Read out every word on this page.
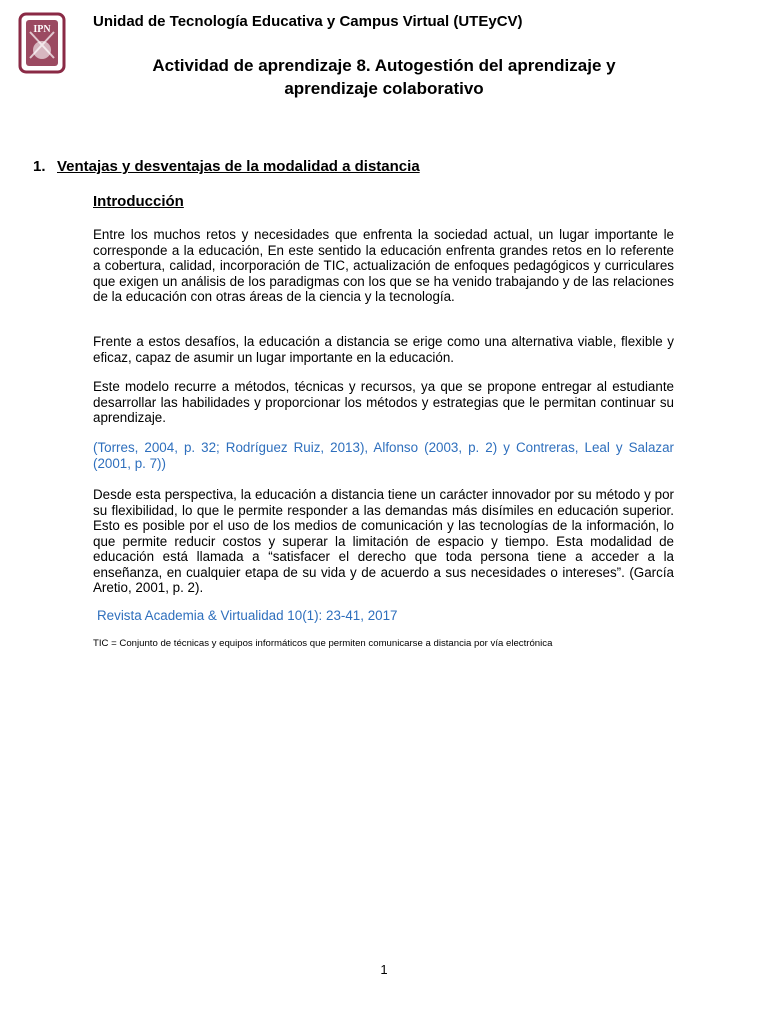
IPN	Unidad de Tecnología Educativa y Campus Virtual (UTEyCV)
Actividad de aprendizaje 8. Autogestión del aprendizaje y
aprendizaje colaborativo
1. Ventajas y desventajas de la modalidad a distancia
Introducción
Entre los muchos retos y necesidades que enfrenta la sociedad actual, un lugar importante le corresponde a la educación, En este sentido la educación enfrenta grandes retos en lo referente a cobertura, calidad, incorporación de TIC, actualización de enfoques pedagógicos y curriculares que exigen un análisis de los paradigmas con los que se ha venido trabajando y de las relaciones de la educación con otras áreas de la ciencia y la tecnología.
Frente a estos desafíos, la educación a distancia se erige como una alternativa viable, flexible y eficaz, capaz de asumir un lugar importante en la educación.
Este modelo recurre a métodos, técnicas y recursos, ya que se propone entregar al estudiante desarrollar las habilidades y proporcionar los métodos y estrategias que le permitan continuar su aprendizaje.
(Torres, 2004, p. 32; Rodríguez Ruiz, 2013), Alfonso (2003, p. 2) y Contreras, Leal y Salazar (2001, p. 7))
Desde esta perspectiva, la educación a distancia tiene un carácter innovador por su método y por su flexibilidad, lo que le permite responder a las demandas más disímiles en educación superior. Esto es posible por el uso de los medios de comunicación y las tecnologías de la información, lo que permite reducir costos y superar la limitación de espacio y tiempo. Esta modalidad de educación está llamada a “satisfacer el derecho que toda persona tiene a acceder a la enseñanza, en cualquier etapa de su vida y de acuerdo a sus necesidades o intereses”. (García Aretio, 2001, p. 2).
Revista Academia & Virtualidad 10(1): 23-41, 2017
TIC = Conjunto de técnicas y equipos informáticos que permiten comunicarse a distancia por vía electrónica
1
